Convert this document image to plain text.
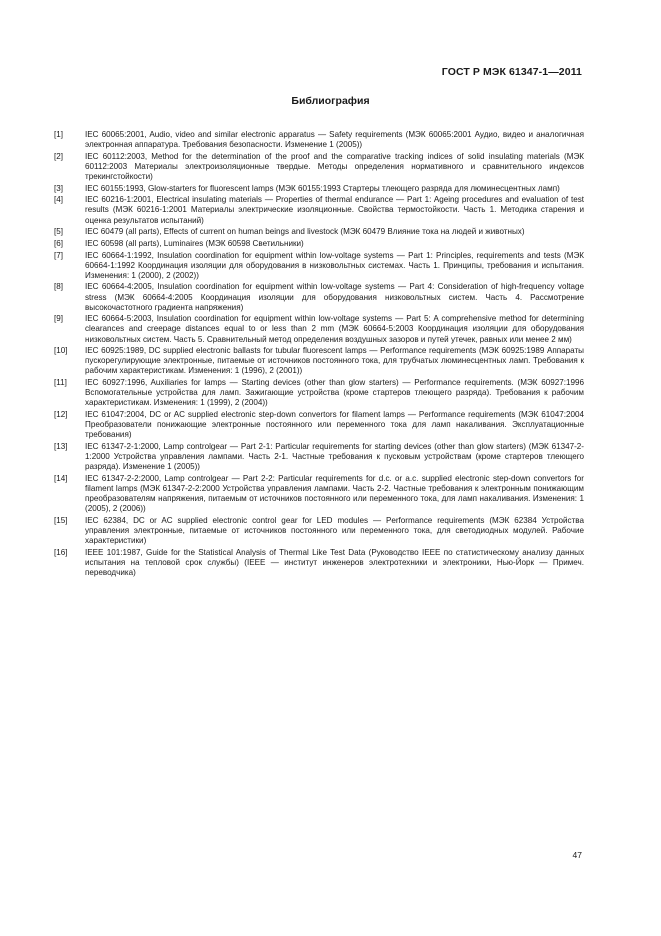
ГОСТ Р МЭК 61347-1—2011
Библиография
[1]	IEC 60065:2001, Audio, video and similar electronic apparatus — Safety requirements (МЭК 60065:2001 Аудио, видео и аналогичная электронная аппаратура. Требования безопасности. Изменение 1 (2005))
[2]	IEC 60112:2003, Method for the determination of the proof and the comparative tracking indices of solid insulating materials (МЭК 60112:2003 Материалы электроизоляционные твердые. Методы определения нормативного и сравнительного индексов трекингстойкости)
[3]	IEC 60155:1993, Glow-starters for fluorescent lamps (МЭК 60155:1993 Стартеры тлеющего разряда для люминесцентных ламп)
[4]	IEC 60216-1:2001, Electrical insulating materials — Properties of thermal endurance — Part 1: Ageing procedures and evaluation of test results (МЭК 60216-1:2001 Материалы электрические изоляционные. Свойства термостойкости. Часть 1. Методика старения и оценка результатов испытаний)
[5]	IEC 60479 (all parts), Effects of current on human beings and livestock (МЭК 60479 Влияние тока на людей и животных)
[6]	IEC 60598 (all parts), Luminaires (МЭК 60598 Светильники)
[7]	IEC 60664-1:1992, Insulation coordination for equipment within low-voltage systems — Part 1: Principles, requirements and tests (МЭК 60664-1:1992 Координация изоляции для оборудования в низковольтных системах. Часть 1. Принципы, требования и испытания. Изменения: 1 (2000), 2 (2002))
[8]	IEC 60664-4:2005, Insulation coordination for equipment within low-voltage systems — Part 4: Consideration of high-frequency voltage stress (МЭК 60664-4:2005 Координация изоляции для оборудования низковольтных систем. Часть 4. Рассмотрение высокочастотного градиента напряжения)
[9]	IEC 60664-5:2003, Insulation coordination for equipment within low-voltage systems — Part 5: A comprehensive method for determining clearances and creepage distances equal to or less than 2 mm (МЭК 60664-5:2003 Координация изоляции для оборудования низковольтных систем. Часть 5. Сравнительный метод определения воздушных зазоров и путей утечек, равных или менее 2 мм)
[10]	IEC 60925:1989, DC supplied electronic ballasts for tubular fluorescent lamps — Performance requirements (МЭК 60925:1989 Аппараты пускорегулирующие электронные, питаемые от источников постоянного тока, для трубчатых люминесцентных ламп. Требования к рабочим характеристикам. Изменения: 1 (1996), 2 (2001))
[11]	IEC 60927:1996, Auxiliaries for lamps — Starting devices (other than glow starters) — Performance requirements. (МЭК 60927:1996 Вспомогательные устройства для ламп. Зажигающие устройства (кроме стартеров тлеющего разряда). Требования к рабочим характеристикам. Изменения: 1 (1999), 2 (2004))
[12]	IEC 61047:2004, DC or AC supplied electronic step-down convertors for filament lamps — Performance requirements (МЭК 61047:2004 Преобразователи понижающие электронные постоянного или переменного тока для ламп накаливания. Эксплуатационные требования)
[13]	IEC 61347-2-1:2000, Lamp controlgear — Part 2-1: Particular requirements for starting devices (other than glow starters) (МЭК 61347-2-1:2000 Устройства управления лампами. Часть 2-1. Частные требования к пусковым устройствам (кроме стартеров тлеющего разряда). Изменение 1 (2005))
[14]	IEC 61347-2-2:2000, Lamp controlgear — Part 2-2: Particular requirements for d.c. or a.c. supplied electronic step-down convertors for filament lamps (МЭК 61347-2-2:2000 Устройства управления лампами. Часть 2-2. Частные требования к электронным понижающим преобразователям напряжения, питаемым от источников постоянного или переменного тока, для ламп накаливания. Изменения: 1 (2005), 2 (2006))
[15]	IEC 62384, DC or AC supplied electronic control gear for LED modules — Performance requirements (МЭК 62384 Устройства управления электронные, питаемые от источников постоянного или переменного тока, для светодиодных модулей. Рабочие характеристики)
[16]	IEEE 101:1987, Guide for the Statistical Analysis of Thermal Like Test Data (Руководство IEEE по статистическому анализу данных испытания на тепловой срок службы) (IEEE — институт инженеров электротехники и электроники, Нью-Йорк — Примеч. переводчика)
47
